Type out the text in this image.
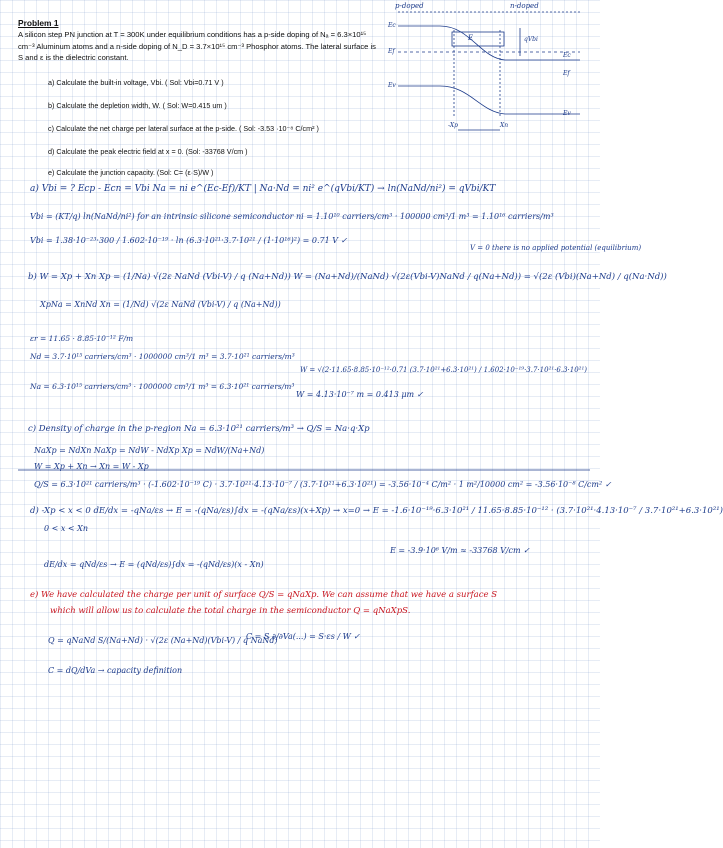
Problem 1

A silicon step PN junction at T = 300K under equilibrium conditions has a p-side doping of Nₐ = 6.3×10¹⁵ cm⁻³ Aluminum atoms and a n-side doping of N_D = 3.7×10¹⁵ cm⁻³ Phosphor atoms. The lateral surface is S and ε is the dielectric constant.

a) Calculate the built-in voltage, Vbi. ( Sol: Vbi=0.71 V )
b) Calculate the depletion width, W. ( Sol: W=0.415 um )
c) Calculate the net charge per lateral surface at the p-side. ( Sol: -3.53 ·10⁻⁸ C/cm² )
d) Calculate the peak electric field at x = 0. (Sol: -33768 V/cm )
e) Calculate the junction capacity. (Sol: C= (ε·S)/W )
p-doped	n-doped
Ec
Ef
Ev
Ec
Ef
Ev
E	qVbi
-Xp	Xn
a) Vbi = ? Ecp - Ecn = Vbi Na = ni e^(Ec-Ef)/KT | Na·Nd = ni² e^(qVbi/KT) → ln(NaNd/ni²) = qVbi/KT
Vbi = (KT/q) ln(NaNd/ni²) for an intrinsic silicone semiconductor ni = 1.10¹⁰ carriers/cm³ · 100000 cm³/1 m³ = 1.10¹⁶ carriers/m³
Vbi = 1.38·10⁻²³·300 / 1.602·10⁻¹⁹ · ln (6.3·10²¹·3.7·10²¹ / (1·10¹⁶)²) = 0.71 V ✓
V = 0 there is no applied potential (equilibrium)
b) W = Xp + Xn Xp = (1/Na) √(2ε NaNd (Vbi-V) / q (Na+Nd)) W = (Na+Nd)/(NaNd) √(2ε(Vbi-V)NaNd / q(Na+Nd)) = √(2ε (Vbi)(Na+Nd) / q(Na·Nd))
XpNa = XnNd Xn = (1/Nd) √(2ε NaNd (Vbi-V) / q (Na+Nd))
εr = 11.65 · 8.85·10⁻¹² F/m
Nd = 3.7·10¹⁵ carriers/cm³ · 1000000 cm³/1 m³ = 3.7·10²¹ carriers/m³
Na = 6.3·10¹⁵ carriers/cm³ · 1000000 cm³/1 m³ = 6.3·10²¹ carriers/m³
W = √(2·11.65·8.85·10⁻¹²·0.71 (3.7·10²¹+6.3·10²¹) / 1.602·10⁻¹⁹·3.7·10²¹·6.3·10²¹)
W = 4.13·10⁻⁷ m = 0.413 μm ✓
c) Density of charge in the p-region Na = 6.3·10²¹ carriers/m³ → Q/S = Na·q·Xp
NaXp = NdXn NaXp = NdW - NdXp Xp = NdW/(Na+Nd)
W = Xp + Xn → Xn = W - Xp
Q/S = 6.3·10²¹ carriers/m³ · (-1.602·10⁻¹⁹ C) · 3.7·10²¹·4.13·10⁻⁷ / (3.7·10²¹+6.3·10²¹) = -3.56·10⁻⁴ C/m² · 1 m²/10000 cm² = -3.56·10⁻⁸ C/cm² ✓
d) -Xp < x < 0 dE/dx = -qNa/εs → E = -(qNa/εs)∫dx = -(qNa/εs)(x+Xp) → x=0 → E = -1.6·10⁻¹⁹·6.3·10²¹ / 11.65·8.85·10⁻¹² · (3.7·10²¹·4.13·10⁻⁷ / 3.7·10²¹+6.3·10²¹)
0 < x < Xn
E = -3.9·10⁶ V/m ≈ -33768 V/cm ✓
dE/dx = qNd/εs → E = (qNd/εs)∫dx = -(qNd/εs)(x - Xn)
e) We have calculated the charge per unit of surface Q/S = qNaXp. We can assume that we have a surface S
which will allow us to calculate the total charge in the semiconductor Q = qNaXpS.
Q = qNaNd S/(Na+Nd) · √(2ε (Na+Nd)(Vbi-V) / q NaNd)
C = dQ/dVa → capacity definition
C = S ∂/∂Va(...) = S·εs / W ✓
